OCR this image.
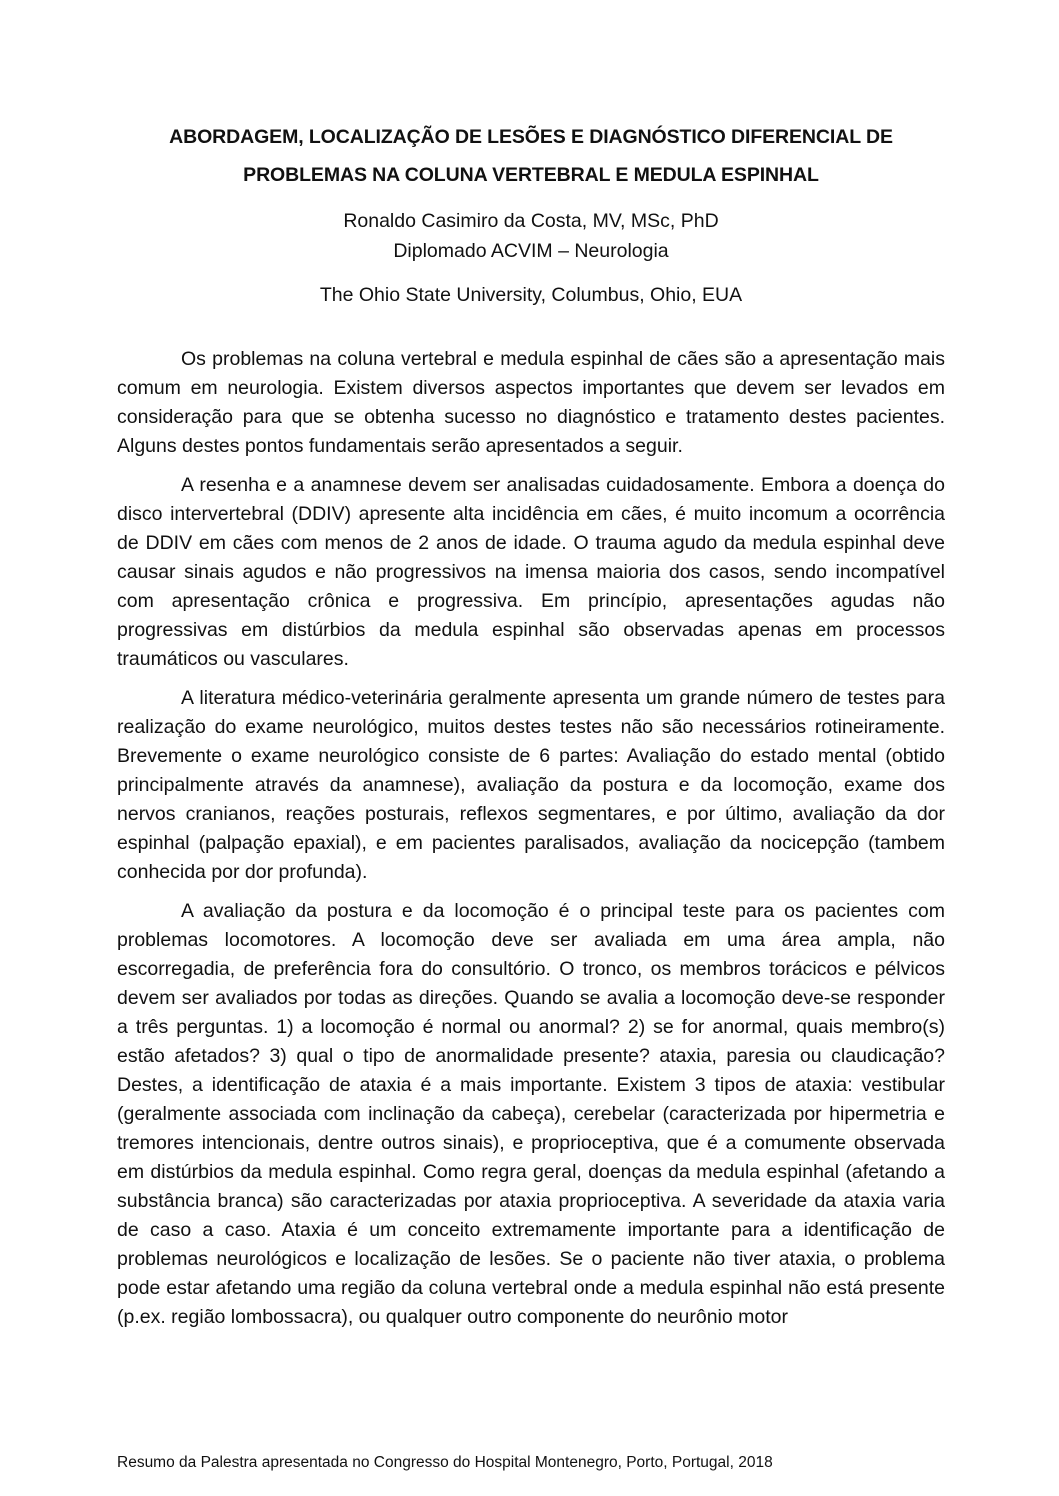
ABORDAGEM, LOCALIZAÇÃO DE LESÕES E DIAGNÓSTICO DIFERENCIAL DE PROBLEMAS NA COLUNA VERTEBRAL E MEDULA ESPINHAL
Ronaldo Casimiro da Costa, MV, MSc, PhD
Diplomado ACVIM – Neurologia
The Ohio State University, Columbus, Ohio, EUA

Os problemas na coluna vertebral e medula espinhal de cães são a apresentação mais comum em neurologia. Existem diversos aspectos importantes que devem ser levados em consideração para que se obtenha sucesso no diagnóstico e tratamento destes pacientes. Alguns destes pontos fundamentais serão apresentados a seguir.

A resenha e a anamnese devem ser analisadas cuidadosamente. Embora a doença do disco intervertebral (DDIV) apresente alta incidência em cães, é muito incomum a ocorrência de DDIV em cães com menos de 2 anos de idade. O trauma agudo da medula espinhal deve causar sinais agudos e não progressivos na imensa maioria dos casos, sendo incompatível com apresentação crônica e progressiva. Em princípio, apresentações agudas não progressivas em distúrbios da medula espinhal são observadas apenas em processos traumáticos ou vasculares.

A literatura médico-veterinária geralmente apresenta um grande número de testes para realização do exame neurológico, muitos destes testes não são necessários rotineiramente. Brevemente o exame neurológico consiste de 6 partes: Avaliação do estado mental (obtido principalmente através da anamnese), avaliação da postura e da locomoção, exame dos nervos cranianos, reações posturais, reflexos segmentares, e por último, avaliação da dor espinhal (palpação epaxial), e em pacientes paralisados, avaliação da nocicepção (tambem conhecida por dor profunda).

A avaliação da postura e da locomoção é o principal teste para os pacientes com problemas locomotores. A locomoção deve ser avaliada em uma área ampla, não escorregadia, de preferência fora do consultório. O tronco, os membros torácicos e pélvicos devem ser avaliados por todas as direções. Quando se avalia a locomoção deve-se responder a três perguntas. 1) a locomoção é normal ou anormal? 2) se for anormal, quais membro(s) estão afetados? 3) qual o tipo de anormalidade presente? ataxia, paresia ou claudicação? Destes, a identificação de ataxia é a mais importante. Existem 3 tipos de ataxia: vestibular (geralmente associada com inclinação da cabeça), cerebelar (caracterizada por hipermetria e tremores intencionais, dentre outros sinais), e proprioceptiva, que é a comumente observada em distúrbios da medula espinhal. Como regra geral, doenças da medula espinhal (afetando a substância branca) são caracterizadas por ataxia proprioceptiva. A severidade da ataxia varia de caso a caso. Ataxia é um conceito extremamente importante para a identificação de problemas neurológicos e localização de lesões. Se o paciente não tiver ataxia, o problema pode estar afetando uma região da coluna vertebral onde a medula espinhal não está presente (p.ex. região lombossacra), ou qualquer outro componente do neurônio motor

Resumo da Palestra apresentada no Congresso do Hospital Montenegro, Porto, Portugal, 2018
